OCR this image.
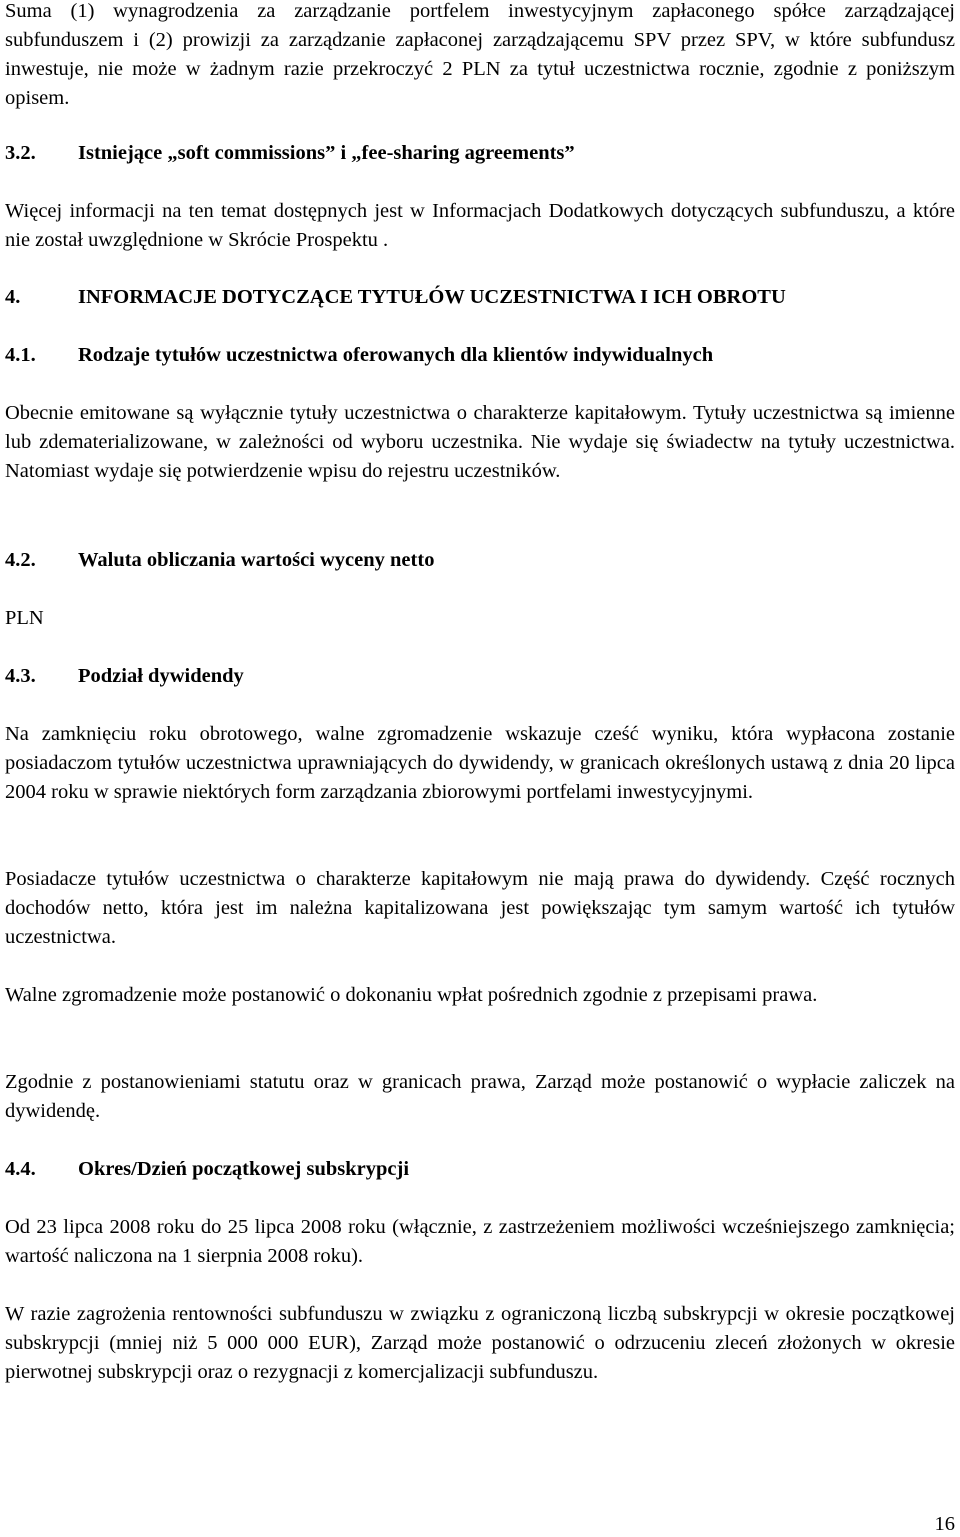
Suma (1) wynagrodzenia za zarządzanie portfelem inwestycyjnym zapłaconego spółce zarządzającej subfunduszem i (2) prowizji za zarządzanie zapłaconej zarządzającemu SPV przez SPV, w które subfundusz inwestuje, nie może w żadnym razie przekroczyć 2 PLN za tytuł uczestnictwa rocznie, zgodnie z poniższym opisem.

3.2. Istniejące „soft commissions” i „fee-sharing agreements”

Więcej informacji na ten temat dostępnych jest w Informacjach Dodatkowych dotyczących subfunduszu, a które nie został uwzględnione w Skrócie Prospektu .

4.	INFORMACJE DOTYCZĄCE TYTUŁÓW UCZESTNICTWA I ICH OBROTU
4.1. Rodzaje tytułów uczestnictwa oferowanych dla klientów indywidualnych

Obecnie emitowane są wyłącznie tytuły uczestnictwa o charakterze kapitałowym. Tytuły uczestnictwa są imienne lub zdematerializowane, w zależności od wyboru uczestnika. Nie wydaje się świadectw na tytuły uczestnictwa. Natomiast wydaje się potwierdzenie wpisu do rejestru uczestników.

4.2. Waluta obliczania wartości wyceny netto

PLN

4.3. Podział dywidendy

Na zamknięciu roku obrotowego, walne zgromadzenie wskazuje cześć wyniku, która wypłacona zostanie posiadaczom tytułów uczestnictwa uprawniających do dywidendy, w granicach określonych ustawą z dnia 20 lipca 2004 roku w sprawie niektórych form zarządzania zbiorowymi portfelami inwestycyjnymi.

Posiadacze tytułów uczestnictwa o charakterze kapitałowym nie mają prawa do dywidendy. Część rocznych dochodów netto, która jest im należna kapitalizowana jest powiększając tym samym wartość ich tytułów uczestnictwa.

Walne zgromadzenie może postanowić o dokonaniu wpłat pośrednich zgodnie z przepisami prawa.

Zgodnie z postanowieniami statutu oraz w granicach prawa, Zarząd może postanowić o wypłacie zaliczek na dywidendę.

4.4. Okres/Dzień początkowej subskrypcji

Od 23 lipca 2008 roku do 25 lipca 2008 roku (włącznie, z zastrzeżeniem możliwości wcześniejszego zamknięcia; wartość naliczona na 1 sierpnia 2008 roku).

W razie zagrożenia rentowności subfunduszu w związku z ograniczoną liczbą subskrypcji w okresie początkowej subskrypcji (mniej niż 5 000 000 EUR), Zarząd może postanowić o odrzuceniu zleceń złożonych w okresie pierwotnej subskrypcji oraz o rezygnacji z komercjalizacji subfunduszu.

16
